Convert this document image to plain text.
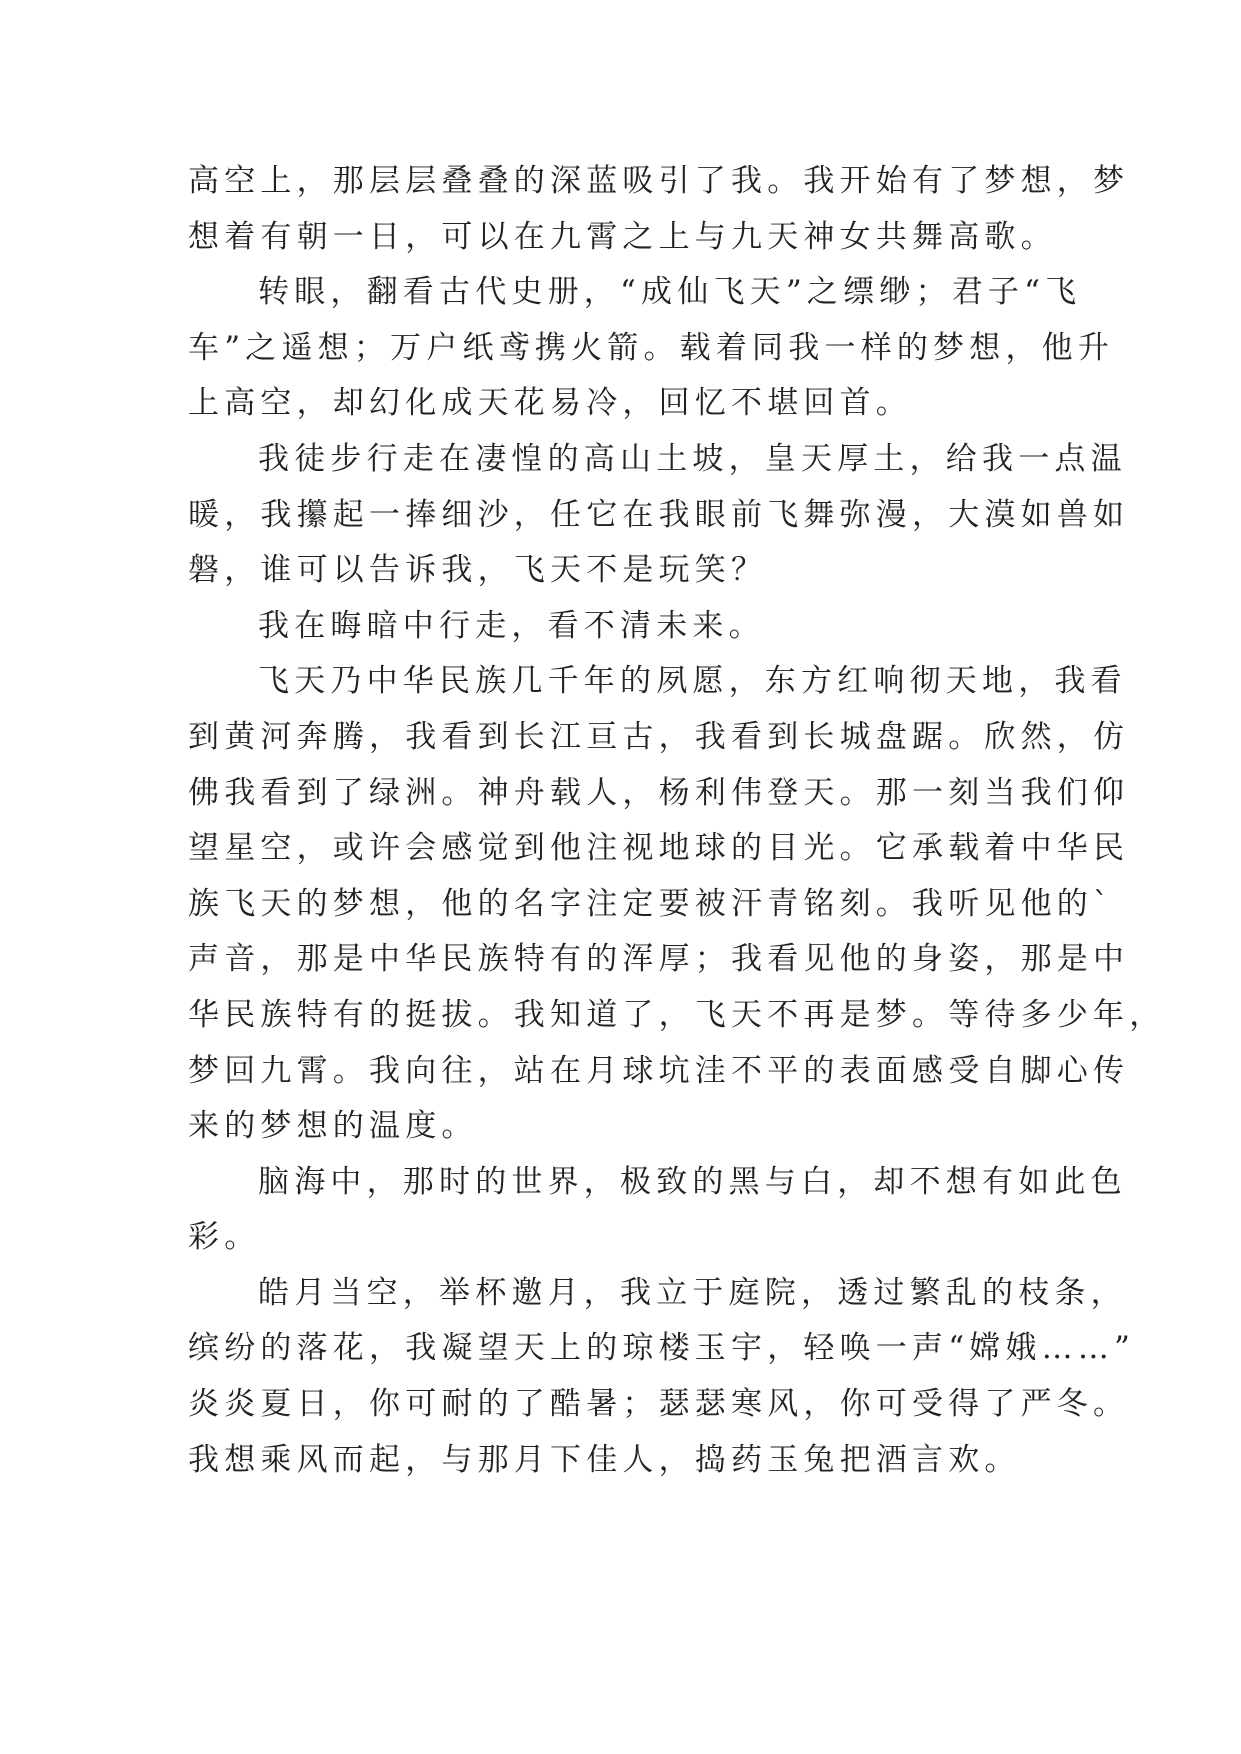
高空上，那层层叠叠的深蓝吸引了我。我开始有了梦想，梦
想着有朝一日，可以在九霄之上与九天神女共舞高歌。
转眼，翻看古代史册，“成仙飞天”之缥缈；君子“飞
车”之遥想；万户纸鸢携火箭。载着同我一样的梦想，他升
上高空，却幻化成天花易冷，回忆不堪回首。
我徒步行走在凄惶的高山土坡，皇天厚土，给我一点温
暖，我攥起一捧细沙，任它在我眼前飞舞弥漫，大漠如兽如
磐，谁可以告诉我，飞天不是玩笑？
我在晦暗中行走，看不清未来。
飞天乃中华民族几千年的夙愿，东方红响彻天地，我看
到黄河奔腾，我看到长江亘古，我看到长城盘踞。欣然，仿
佛我看到了绿洲。神舟载人，杨利伟登天。那一刻当我们仰
望星空，或许会感觉到他注视地球的目光。它承载着中华民
族飞天的梦想，他的名字注定要被汗青铭刻。我听见他的`
声音，那是中华民族特有的浑厚；我看见他的身姿，那是中
华民族特有的挺拔。我知道了，飞天不再是梦。等待多少年，
梦回九霄。我向往，站在月球坑洼不平的表面感受自脚心传
来的梦想的温度。
脑海中，那时的世界，极致的黑与白，却不想有如此色
彩。
皓月当空，举杯邀月，我立于庭院，透过繁乱的枝条，
缤纷的落花，我凝望天上的琼楼玉宇，轻唤一声“嫦娥……”
炎炎夏日，你可耐的了酷暑；瑟瑟寒风，你可受得了严冬。
我想乘风而起，与那月下佳人，捣药玉兔把酒言欢。
